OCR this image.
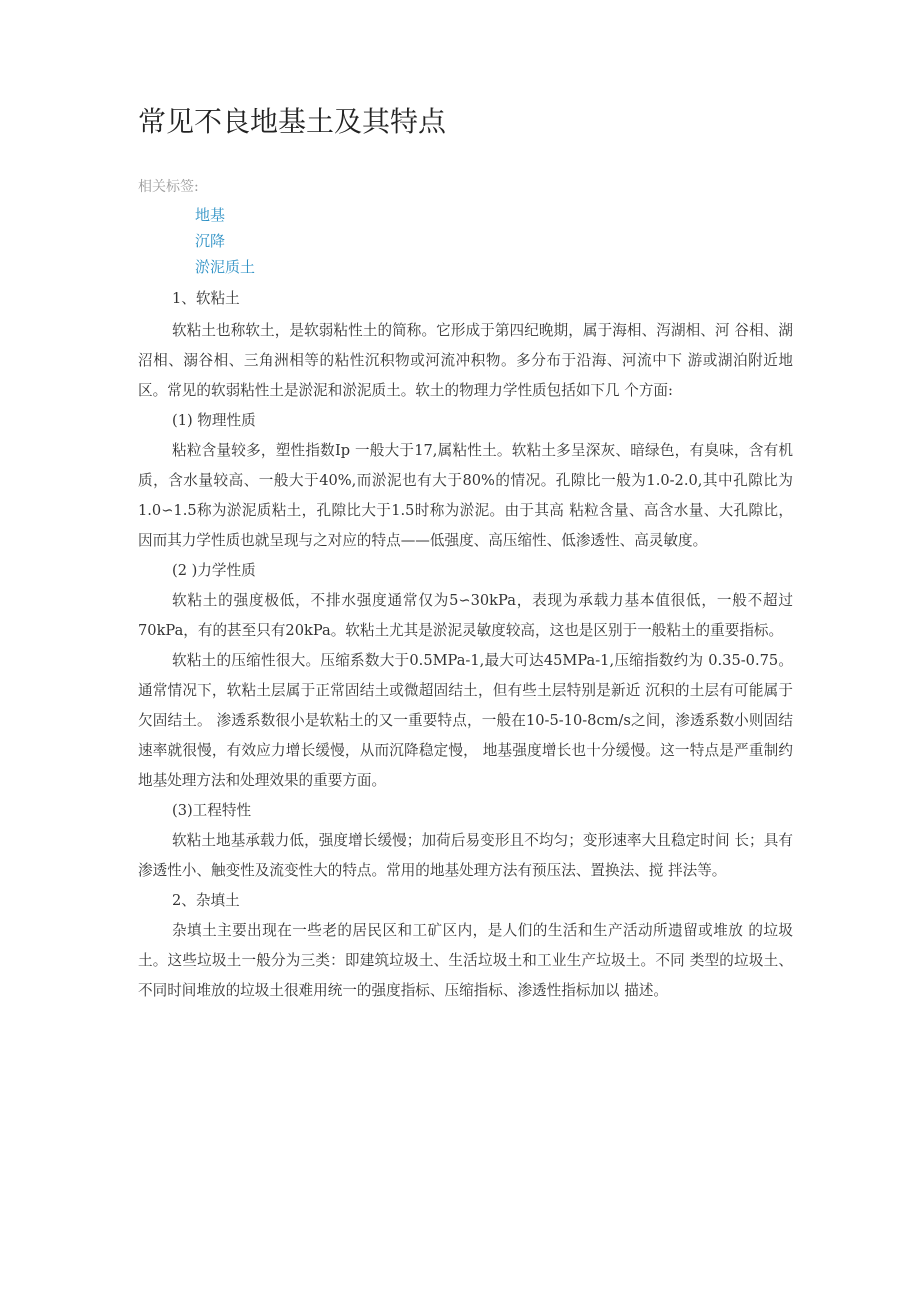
常见不良地基土及其特点
相关标签:
地基
沉降
淤泥质土

1、软粘土

软粘土也称软土，是软弱粘性土的简称。它形成于第四纪晚期，属于海相、泻湖相、河 谷相、湖沼相、溺谷相、三角洲相等的粘性沉积物或河流冲积物。多分布于沿海、河流中下 游或湖泊附近地区。常见的软弱粘性土是淤泥和淤泥质土。软土的物理力学性质包括如下几 个方面:

(1) 物理性质

粘粒含量较多，塑性指数Ip 一般大于17,属粘性土。软粘土多呈深灰、暗绿色，有臭味，含有机质，含水量较高、一般大于40%,而淤泥也有大于80%的情况。孔隙比一般为1.0-2.0,其中孔隙比为1.0∽1.5称为淤泥质粘土，孔隙比大于1.5时称为淤泥。由于其高 粘粒含量、高含水量、大孔隙比，因而其力学性质也就呈现与之对应的特点——低强度、高压缩性、低渗透性、高灵敏度。

(2 )力学性质

软粘土的强度极低，不排水强度通常仅为5∽30kPa，表现为承载力基本值很低，一般不超过70kPa，有的甚至只有20kPa。软粘土尤其是淤泥灵敏度较高，这也是区别于一般粘土的重要指标。

软粘土的压缩性很大。压缩系数大于0.5MPa-1,最大可达45MPa-1,压缩指数约为 0.35-0.75。通常情况下，软粘土层属于正常固结土或微超固结土，但有些土层特别是新近 沉积的土层有可能属于欠固结土。 渗透系数很小是软粘土的又一重要特点，一般在10-5-10-8cm/s之间，渗透系数小则固结速率就很慢，有效应力增长缓慢，从而沉降稳定慢， 地基强度增长也十分缓慢。这一特点是严重制约地基处理方法和处理效果的重要方面。

(3)工程特性

软粘土地基承载力低，强度增长缓慢；加荷后易变形且不均匀；变形速率大且稳定时间 长；具有渗透性小、触变性及流变性大的特点。常用的地基处理方法有预压法、置换法、搅 拌法等。

2、杂填土

杂填土主要出现在一些老的居民区和工矿区内，是人们的生活和生产活动所遗留或堆放 的垃圾土。这些垃圾土一般分为三类：即建筑垃圾土、生活垃圾土和工业生产垃圾土。不同 类型的垃圾土、不同时间堆放的垃圾土很难用统一的强度指标、压缩指标、渗透性指标加以 描述。
